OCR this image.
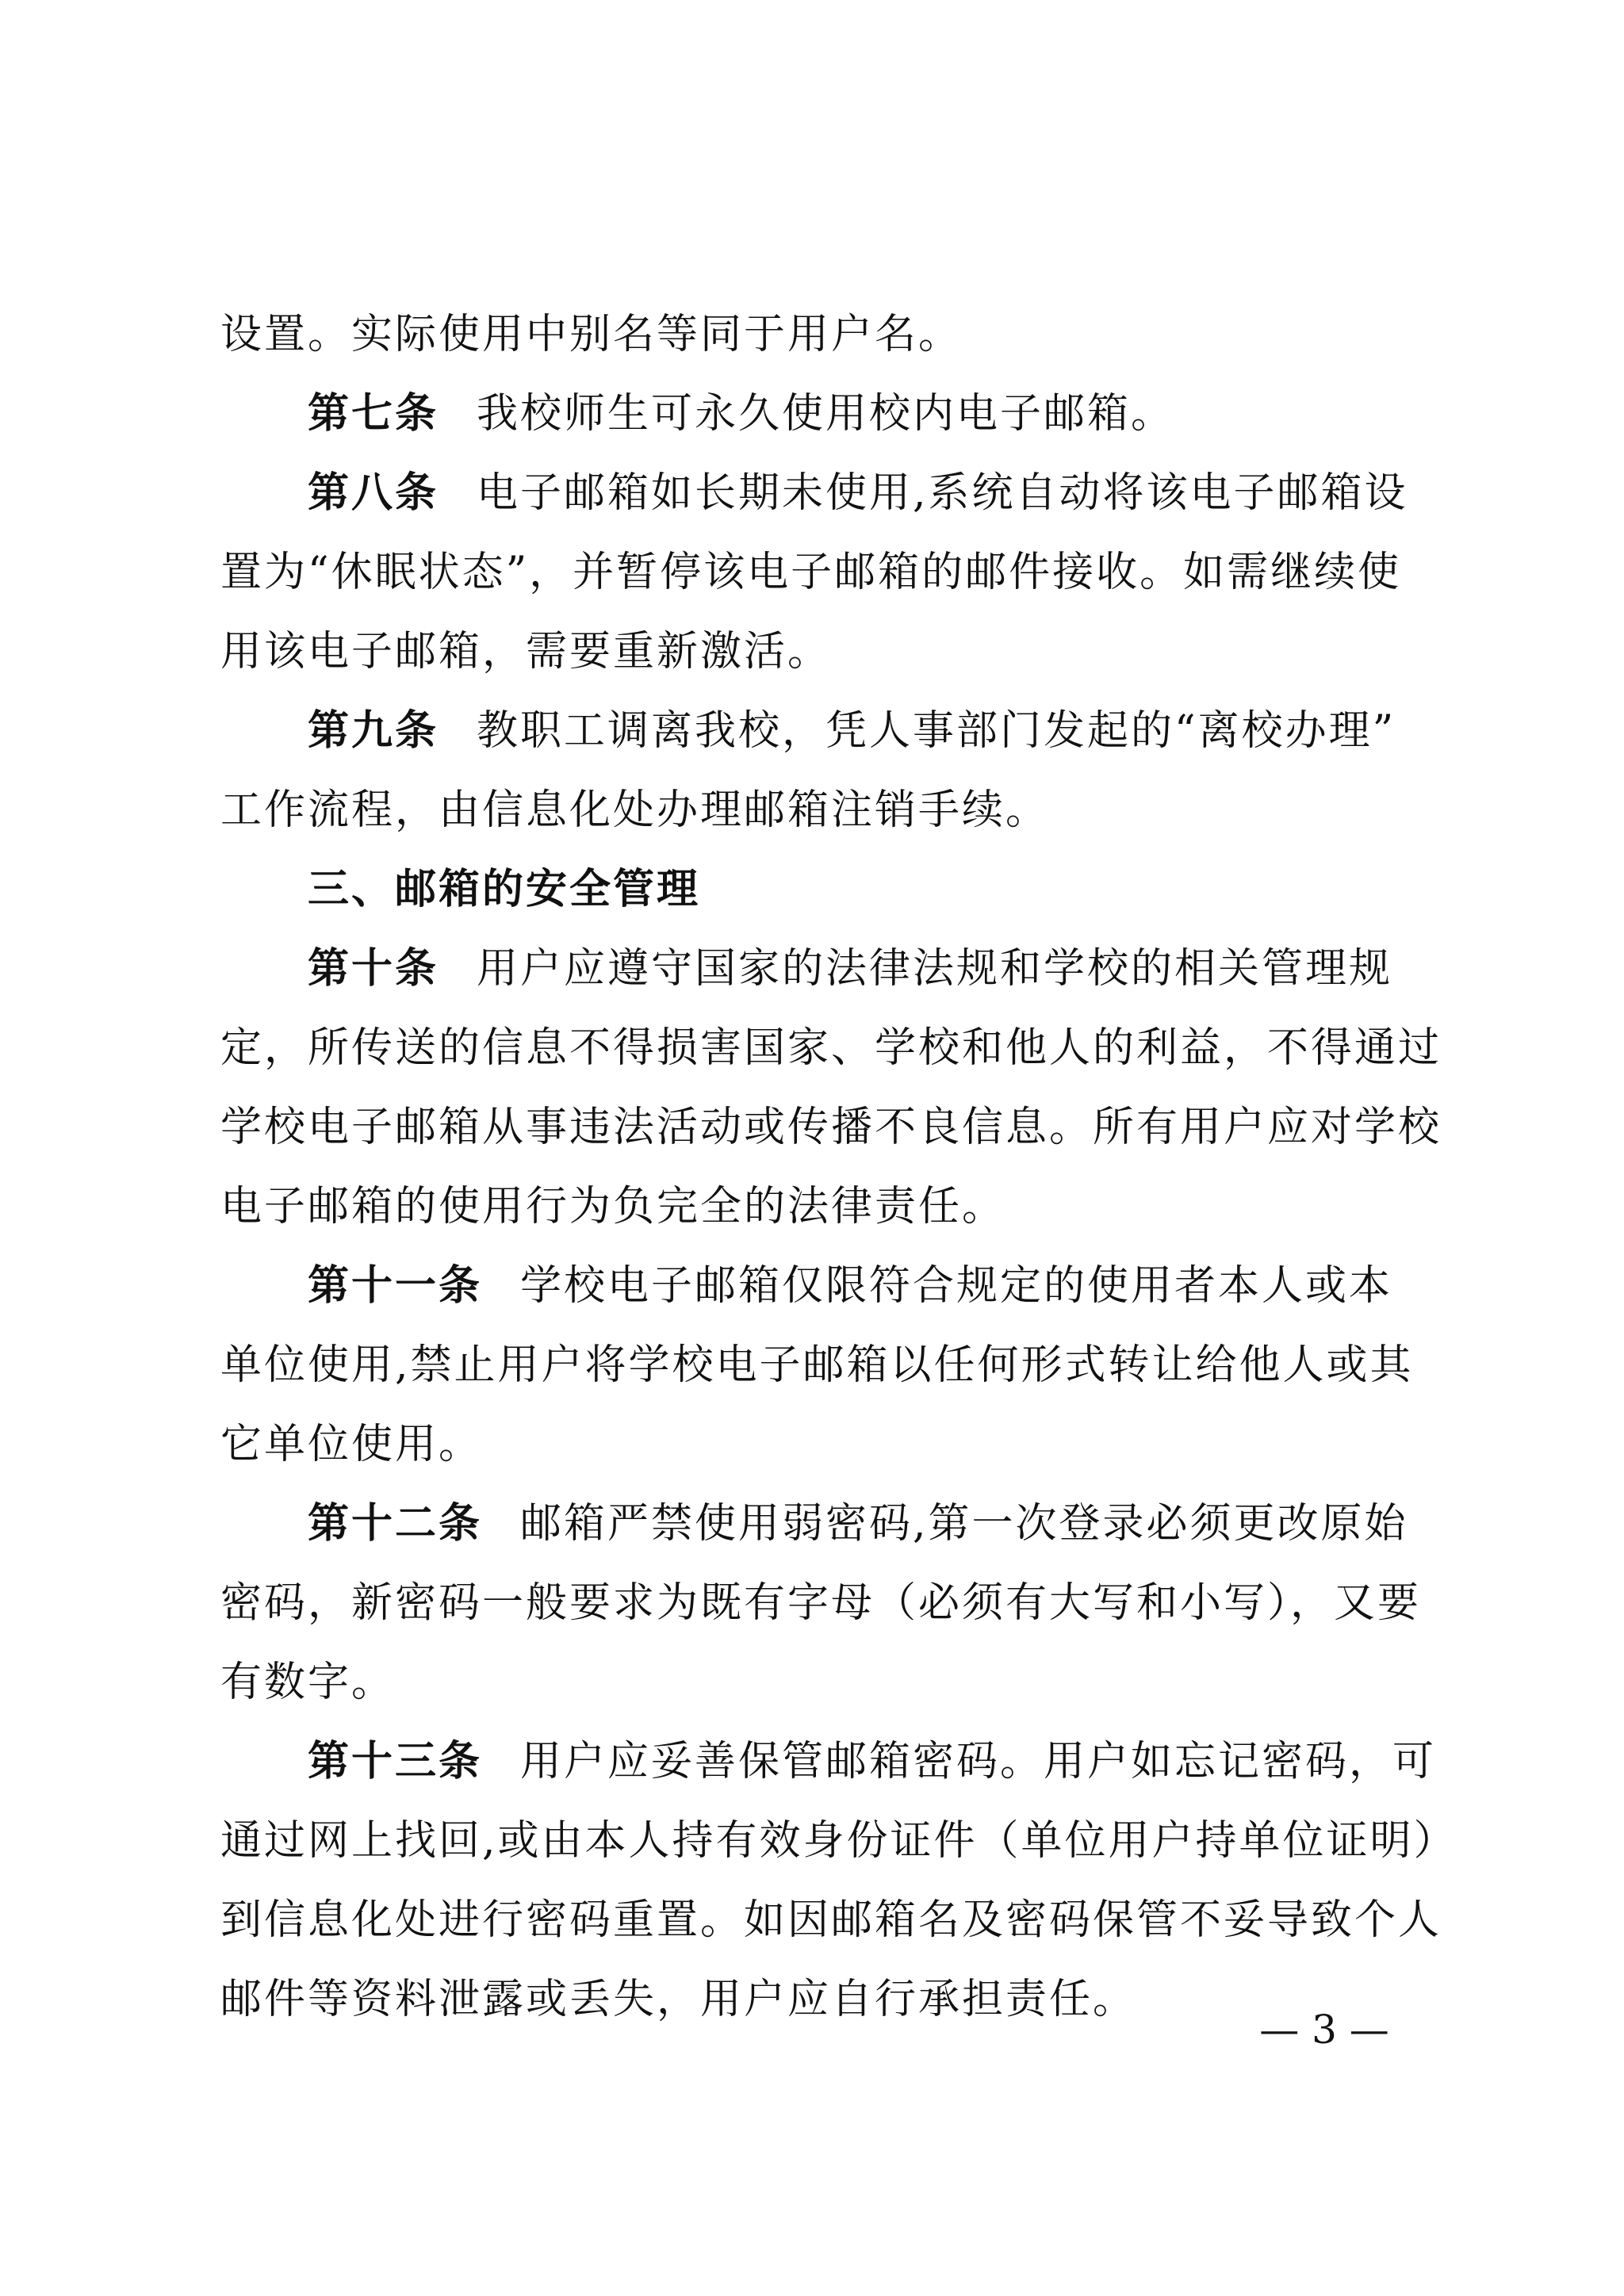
设置。实际使用中别名等同于用户名。
第七条 我校师生可永久使用校内电子邮箱。
第八条 电子邮箱如长期未使用,系统自动将该电子邮箱设
置为“休眠状态”，并暂停该电子邮箱的邮件接收。如需继续使
用该电子邮箱，需要重新激活。
第九条 教职工调离我校，凭人事部门发起的“离校办理”
工作流程，由信息化处办理邮箱注销手续。
三、邮箱的安全管理
第十条 用户应遵守国家的法律法规和学校的相关管理规
定，所传送的信息不得损害国家、学校和他人的利益，不得通过
学校电子邮箱从事违法活动或传播不良信息。所有用户应对学校
电子邮箱的使用行为负完全的法律责任。
第十一条 学校电子邮箱仅限符合规定的使用者本人或本
单位使用,禁止用户将学校电子邮箱以任何形式转让给他人或其
它单位使用。
第十二条 邮箱严禁使用弱密码,第一次登录必须更改原始
密码，新密码一般要求为既有字母（必须有大写和小写），又要
有数字。
第十三条 用户应妥善保管邮箱密码。用户如忘记密码，可
通过网上找回,或由本人持有效身份证件（单位用户持单位证明）
到信息化处进行密码重置。如因邮箱名及密码保管不妥导致个人
邮件等资料泄露或丢失，用户应自行承担责任。
— 3 —
